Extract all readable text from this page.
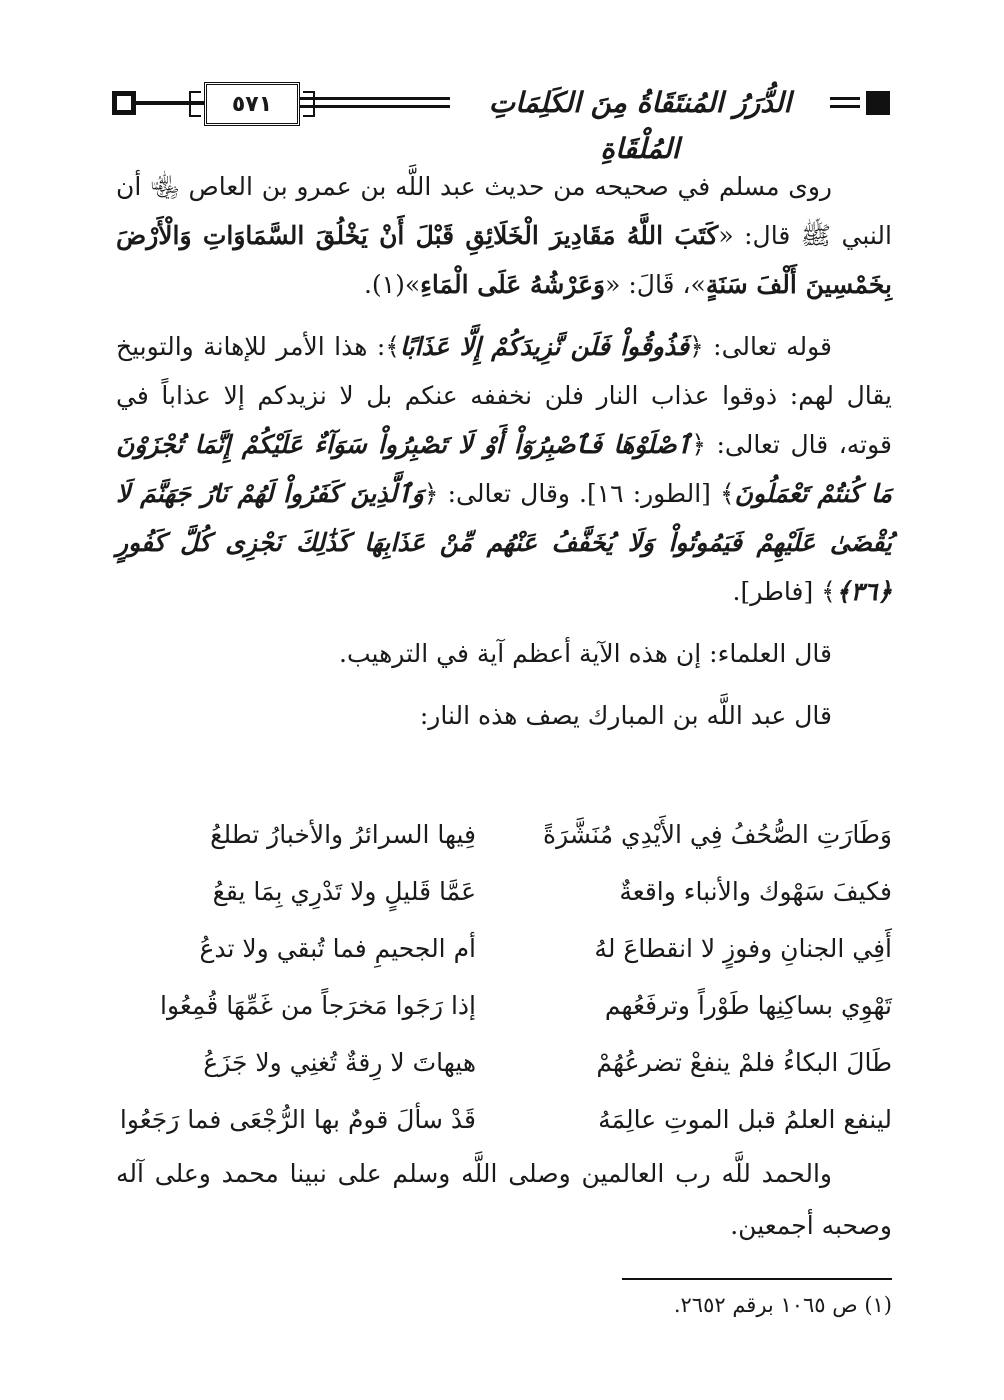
٥٧١	الدُّرَرُ المُنتَقَاةُ مِنَ الكَلِمَاتِ المُلْقَاةِ

روى مسلم في صحيحه من حديث عبد اللَّه بن عمرو بن العاص ﵄ أن النبي ﷺ قال: «كَتَبَ اللَّهُ مَقَادِيرَ الْخَلَائِقِ قَبْلَ أَنْ يَخْلُقَ السَّمَاوَاتِ وَالْأَرْضَ بِخَمْسِينَ أَلْفَ سَنَةٍ»، قَالَ: «وَعَرْشُهُ عَلَى الْمَاءِ»(١).

قوله تعالى: ﴿فَذُوقُواْ فَلَن نَّزِيدَكُمْ إِلَّا عَذَابًا﴾: هذا الأمر للإهانة والتوبيخ يقال لهم: ذوقوا عذاب النار فلن نخففه عنكم بل لا نزيدكم إلا عذاباً في قوته، قال تعالى: ﴿ٱصْلَوْهَا فَٱصْبِرُوٓاْ أَوْ لَا تَصْبِرُواْ سَوَآءٌ عَلَيْكُمْ إِنَّمَا تُجْزَوْنَ مَا كُنتُمْ تَعْمَلُونَ﴾ [الطور: ١٦]. وقال تعالى: ﴿وَٱلَّذِينَ كَفَرُواْ لَهُمْ نَارُ جَهَنَّمَ لَا يُقْضَىٰ عَلَيْهِمْ فَيَمُوتُواْ وَلَا يُخَفَّفُ عَنْهُم مِّنْ عَذَابِهَا كَذَٰلِكَ نَجْزِى كُلَّ كَفُورٍ ﴿٣٦﴾﴾ [فاطر].

قال العلماء: إن هذه الآية أعظم آية في الترهيب.

قال عبد اللَّه بن المبارك يصف هذه النار:

وَطَارَتِ الصُّحُفُ فِي الأَيْدِي مُنَشَّرَةً
فِيها السرائرُ والأخبارُ تطلعُ
فكيفَ سَهْوك والأنباء واقعةٌ
عَمَّا قَليلٍ ولا تَدْرِي بِمَا يقعُ
أَفِي الجنانِ وفوزٍ لا انقطاعَ لهُ
أم الجحيمِ فما تُبقي ولا تدعُ
تَهْوِي بساكِنِها طَوْراً وترفَعُهم
إذا رَجَوا مَخرَجاً من غَمِّهَا قُمِعُوا
طَالَ البكاءُ فلمْ ينفعْ تضرعُهُمْ
هيهاتَ لا رِقةٌ تُغنِي ولا جَزَعُ
لينفع العلمُ قبل الموتِ عالِمَهُ
قَدْ سألَ قومٌ بها الرُّجْعَى فما رَجَعُوا

والحمد للَّه رب العالمين وصلى اللَّه وسلم على نبينا محمد وعلى آله وصحبه أجمعين.

(١) ص ١٠٦٥ برقم ٢٦٥٢.
